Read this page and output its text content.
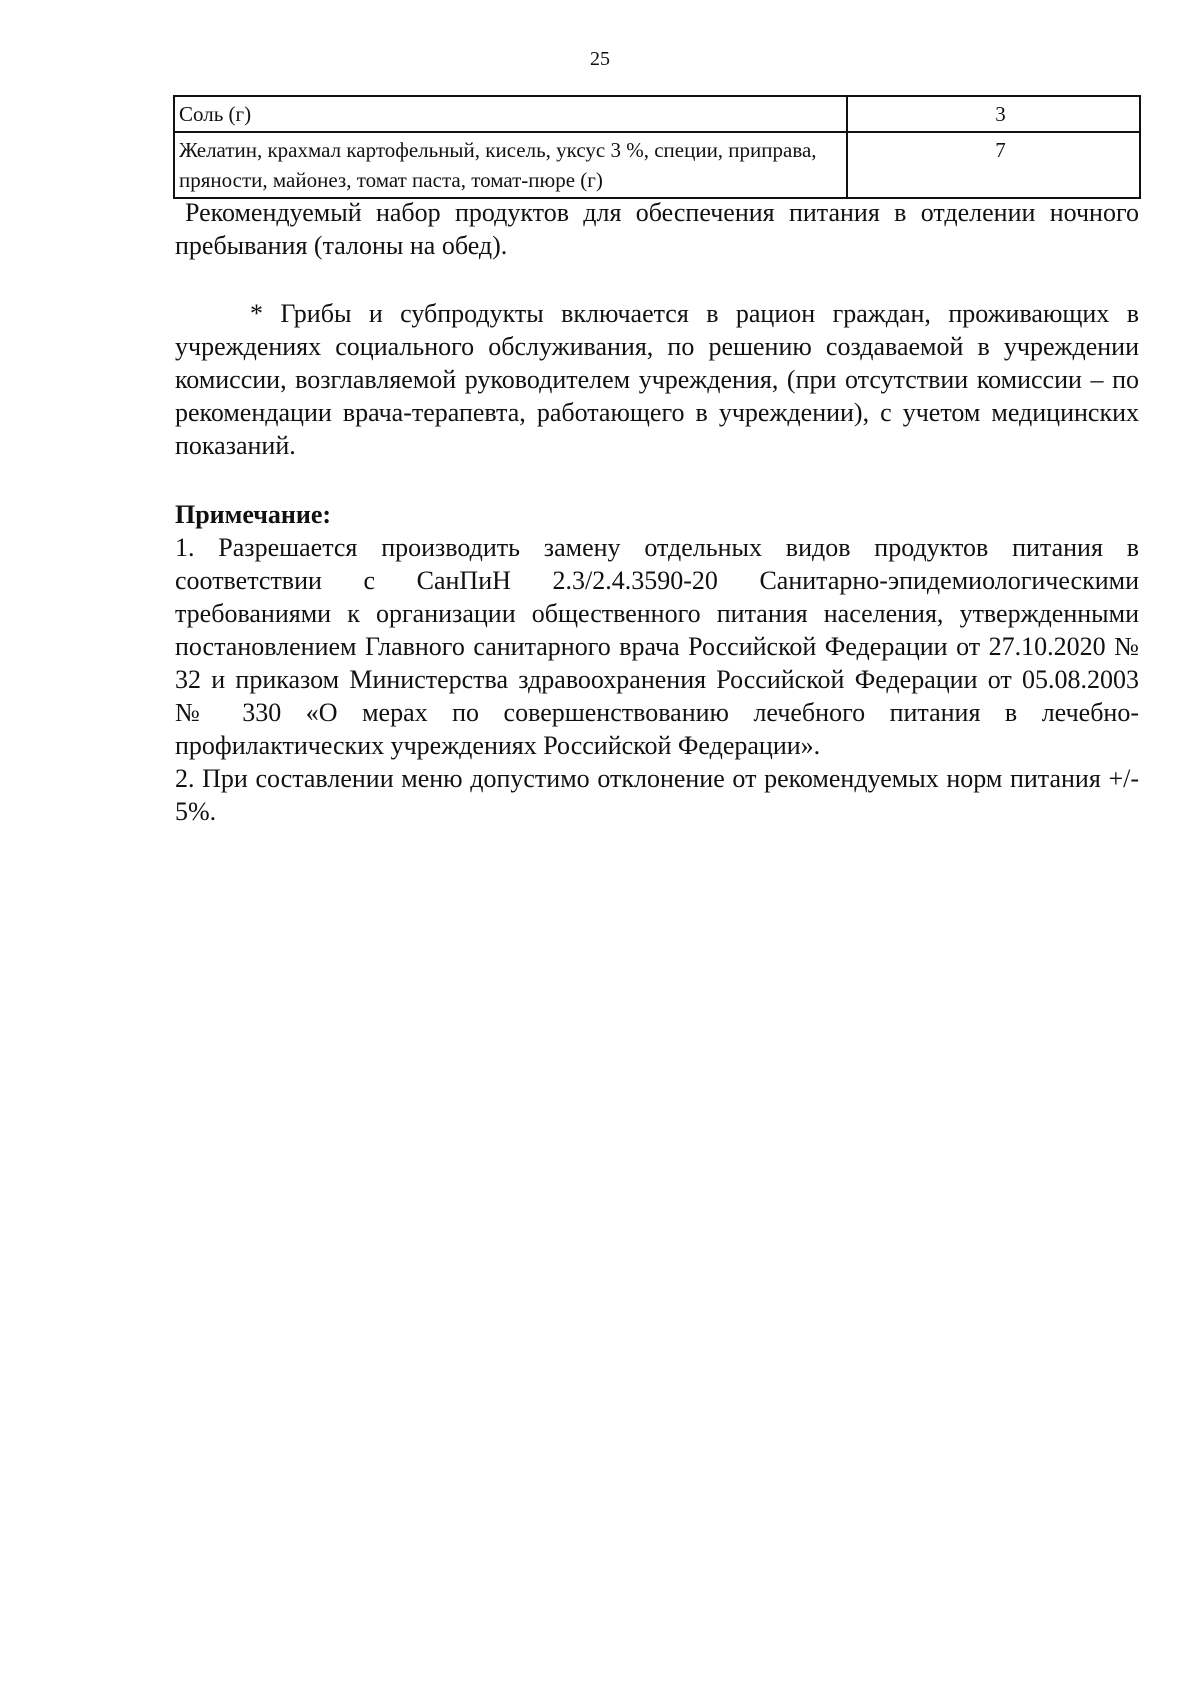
25
Соль (г)	3
Желатин, крахмал картофельный, кисель, уксус 3 %, специи, приправа, пряности, майонез, томат паста, томат-пюре (г)	7
Рекомендуемый набор продуктов для обеспечения питания в отделении ночного пребывания (талоны на обед).
* Грибы и субпродукты включается в рацион граждан, проживающих в учреждениях социального обслуживания, по решению создаваемой в учреждении комиссии, возглавляемой руководителем учреждения, (при отсутствии комиссии – по рекомендации врача-терапевта, работающего в учреждении), с учетом медицинских показаний.
Примечание:

1. Разрешается производить замену отдельных видов продуктов питания в соответствии с СанПиН 2.3/2.4.3590-20 Санитарно-эпидемиологическими требованиями к организации общественного питания населения, утвержденными постановлением Главного санитарного врача Российской Федерации от 27.10.2020 № 32 и приказом Министерства здравоохранения Российской Федерации от 05.08.2003 № 330 «О мерах по совершенствованию лечебного питания в лечебно-профилактических учреждениях Российской Федерации».

2. При составлении меню допустимо отклонение от рекомендуемых норм питания +/- 5%.
